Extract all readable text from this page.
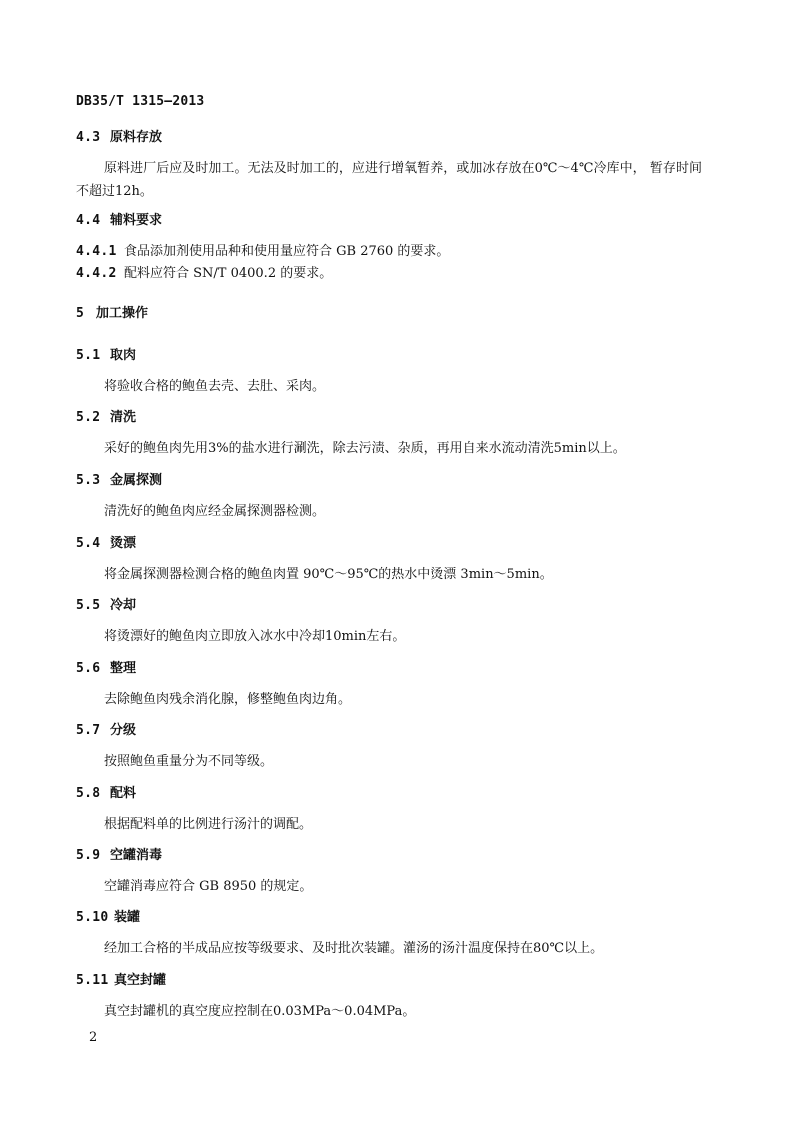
DB35/T 1315—2013
4.3 原料存放
原料进厂后应及时加工。无法及时加工的，应进行增氧暂养，或加冰存放在0℃～4℃冷库中， 暂存时间不超过12h。
4.4 辅料要求
4.4.1 食品添加剂使用品种和使用量应符合 GB 2760 的要求。
4.4.2 配料应符合 SN/T 0400.2 的要求。
5 加工操作
5.1 取肉
将验收合格的鲍鱼去壳、去肚、采肉。
5.2 清洗
采好的鲍鱼肉先用3%的盐水进行涮洗，除去污渍、杂质，再用自来水流动清洗5min以上。
5.3 金属探测
清洗好的鲍鱼肉应经金属探测器检测。
5.4 烫漂
将金属探测器检测合格的鲍鱼肉置 90℃～95℃的热水中烫漂 3min～5min。
5.5 冷却
将烫漂好的鲍鱼肉立即放入冰水中冷却10min左右。
5.6 整理
去除鲍鱼肉残余消化腺，修整鲍鱼肉边角。
5.7 分级
按照鲍鱼重量分为不同等级。
5.8 配料
根据配料单的比例进行汤汁的调配。
5.9 空罐消毒
空罐消毒应符合 GB 8950 的规定。
5.10 装罐
经加工合格的半成品应按等级要求、及时批次装罐。灌汤的汤汁温度保持在80℃以上。
5.11 真空封罐
真空封罐机的真空度应控制在0.03MPa～0.04MPa。
2
